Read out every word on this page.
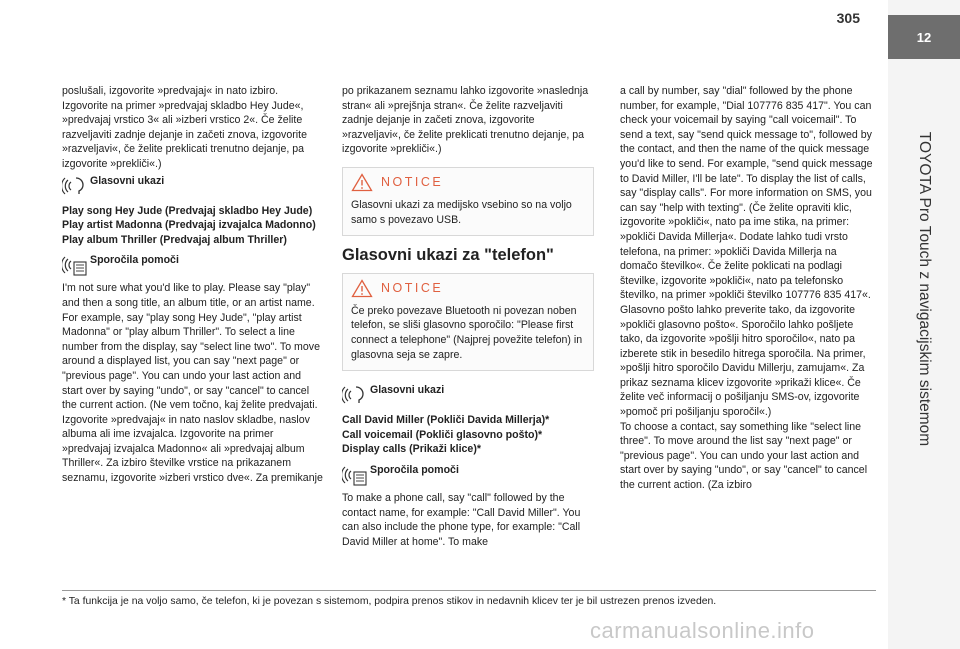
305
12
TOYOTA Pro Touch z navigacijskim sistemom

poslušali, izgovorite »predvajaj« in nato izbiro. Izgovorite na primer »predvajaj skladbo Hey Jude«, »predvajaj vrstico 3« ali »izberi vrstico 2«. Če želite razveljaviti zadnje dejanje in začeti znova, izgovorite »razveljavi«, če želite preklicati trenutno dejanje, pa izgovorite »prekliči«.)

Glasovni ukazi
Play song Hey Jude (Predvajaj skladbo Hey Jude)
Play artist Madonna (Predvajaj izvajalca Madonno)
Play album Thriller (Predvajaj album Thriller)
Sporočila pomoči

I'm not sure what you'd like to play. Please say "play" and then a song title, an album title, or an artist name. For example, say "play song Hey Jude", "play artist Madonna" or "play album Thriller". To select a line number from the display, say "select line two". To move around a displayed list, you can say "next page" or "previous page". You can undo your last action and start over by saying "undo", or say "cancel" to cancel the current action. (Ne vem točno, kaj želite predvajati. Izgovorite »predvajaj« in nato naslov skladbe, naslov albuma ali ime izvajalca. Izgovorite na primer »predvajaj izvajalca Madonno« ali »predvajaj album Thriller«. Za izbiro številke vrstice na prikazanem seznamu, izgovorite »izberi vrstico dve«. Za premikanje

po prikazanem seznamu lahko izgovorite »naslednja stran« ali »prejšnja stran«. Če želite razveljaviti zadnje dejanje in začeti znova, izgovorite »razveljavi«, če želite preklicati trenutno dejanje, pa izgovorite »prekliči«.)

NOTICE
Glasovni ukazi za medijsko vsebino so na voljo samo s povezavo USB.
Glasovni ukazi za "telefon"
NOTICE
Če preko povezave Bluetooth ni povezan noben telefon, se sliši glasovno sporočilo: "Please first connect a telephone" (Najprej povežite telefon) in glasovna seja se zapre.
Glasovni ukazi
Call David Miller (Pokliči Davida Millerja)*
Call voicemail (Pokliči glasovno pošto)*
Display calls (Prikaži klice)*
Sporočila pomoči

To make a phone call, say "call" followed by the contact name, for example: "Call David Miller". You can also include the phone type, for example: "Call David Miller at home". To make

a call by number, say "dial" followed by the phone number, for example, "Dial 107776 835 417". You can check your voicemail by saying "call voicemail". To send a text, say "send quick message to", followed by the contact, and then the name of the quick message you'd like to send. For example, "send quick message to David Miller, I'll be late". To display the list of calls, say "display calls". For more information on SMS, you can say "help with texting". (Če želite opraviti klic, izgovorite »pokliči«, nato pa ime stika, na primer: »pokliči Davida Millerja«. Dodate lahko tudi vrsto telefona, na primer: »pokliči Davida Millerja na domačo številko«. Če želite poklicati na podlagi številke, izgovorite »pokliči«, nato pa telefonsko številko, na primer »pokliči številko 107776 835 417«. Glasovno pošto lahko preverite tako, da izgovorite »pokliči glasovno pošto«. Sporočilo lahko pošljete tako, da izgovorite »pošlji hitro sporočilo«, nato pa izberete stik in besedilo hitrega sporočila. Na primer, »pošlji hitro sporočilo Davidu Millerju, zamujam«. Za prikaz seznama klicev izgovorite »prikaži klice«. Če želite več informacij o pošiljanju SMS-ov, izgovorite »pomoč pri pošiljanju sporočil«.)

To choose a contact, say something like "select line three". To move around the list say "next page" or "previous page". You can undo your last action and start over by saying "undo", or say "cancel" to cancel the current action. (Za izbiro

* Ta funkcija je na voljo samo, če telefon, ki je povezan s sistemom, podpira prenos stikov in nedavnih klicev ter je bil ustrezen prenos izveden.
carmanualsonline.info
